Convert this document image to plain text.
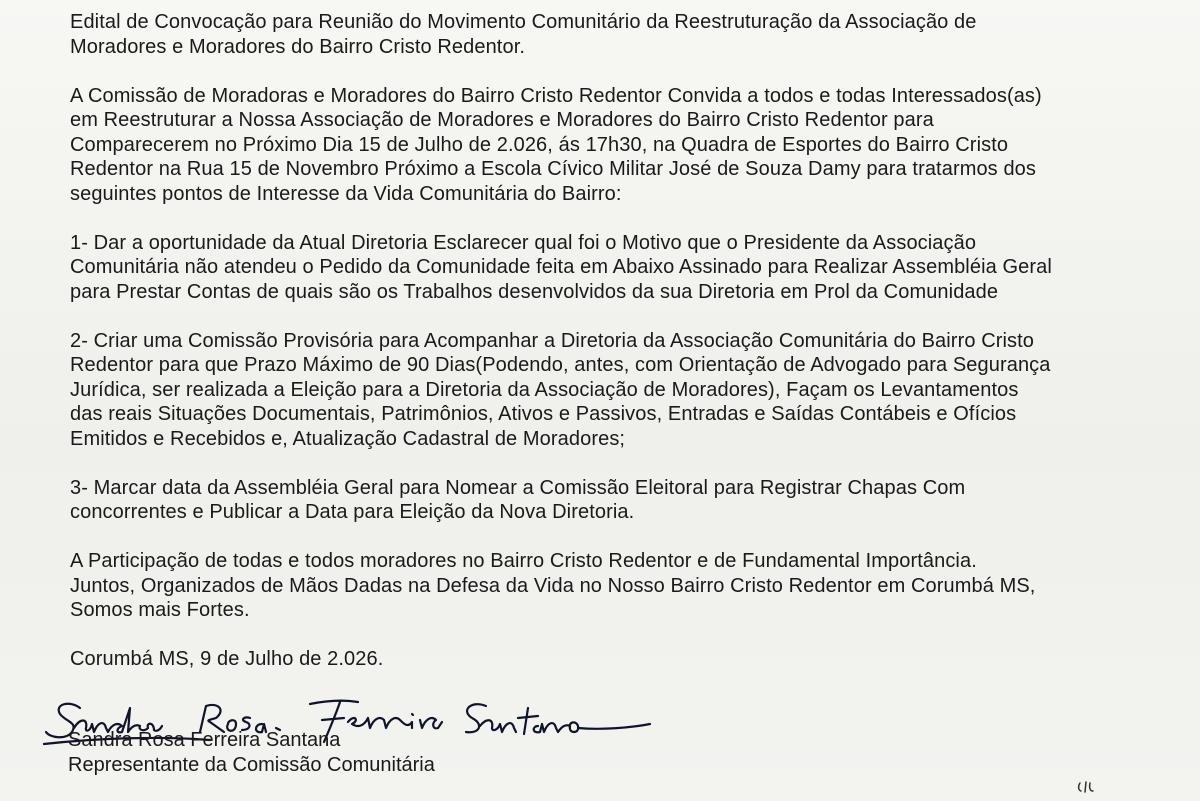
Edital de Convocação para Reunião do Movimento Comunitário da Reestruturação da Associação de
Moradores e Moradores do Bairro Cristo Redentor.
A Comissão de Moradoras e Moradores do Bairro Cristo Redentor Convida a todos e todas Interessados(as)
em Reestruturar a Nossa Associação de Moradores e Moradores do Bairro Cristo Redentor para
Comparecerem no Próximo Dia 15 de Julho de 2.026, ás 17h30, na Quadra de Esportes do Bairro Cristo
Redentor na Rua 15 de Novembro Próximo a Escola Cívico Militar José de Souza Damy para tratarmos dos
seguintes pontos de Interesse da Vida Comunitária do Bairro:
1- Dar a oportunidade da Atual Diretoria Esclarecer qual foi o Motivo que o Presidente da Associação
Comunitária não atendeu o Pedido da Comunidade feita em Abaixo Assinado para Realizar Assembléia Geral
para Prestar Contas de quais são os Trabalhos desenvolvidos da sua Diretoria em Prol da Comunidade
2- Criar uma Comissão Provisória para Acompanhar a Diretoria da Associação Comunitária do Bairro Cristo
Redentor para que Prazo Máximo de 90 Dias(Podendo, antes, com Orientação de Advogado para Segurança
Jurídica, ser realizada a Eleição para a Diretoria da Associação de Moradores), Façam os Levantamentos
das reais Situações Documentais, Patrimônios, Ativos e Passivos, Entradas e Saídas Contábeis e Ofícios
Emitidos e Recebidos e, Atualização Cadastral de Moradores;
3- Marcar data da Assembléia Geral para Nomear a Comissão Eleitoral para Registrar Chapas Com
concorrentes e Publicar a Data para Eleição da Nova Diretoria.
A Participação de todas e todos moradores no Bairro Cristo Redentor e de Fundamental Importância.
Juntos, Organizados de Mãos Dadas na Defesa da Vida no Nosso Bairro Cristo Redentor em Corumbá MS,
Somos mais Fortes.
Corumbá MS, 9 de Julho de 2.026.
Sandra Rosa Ferreira Santana
Representante da Comissão Comunitária
